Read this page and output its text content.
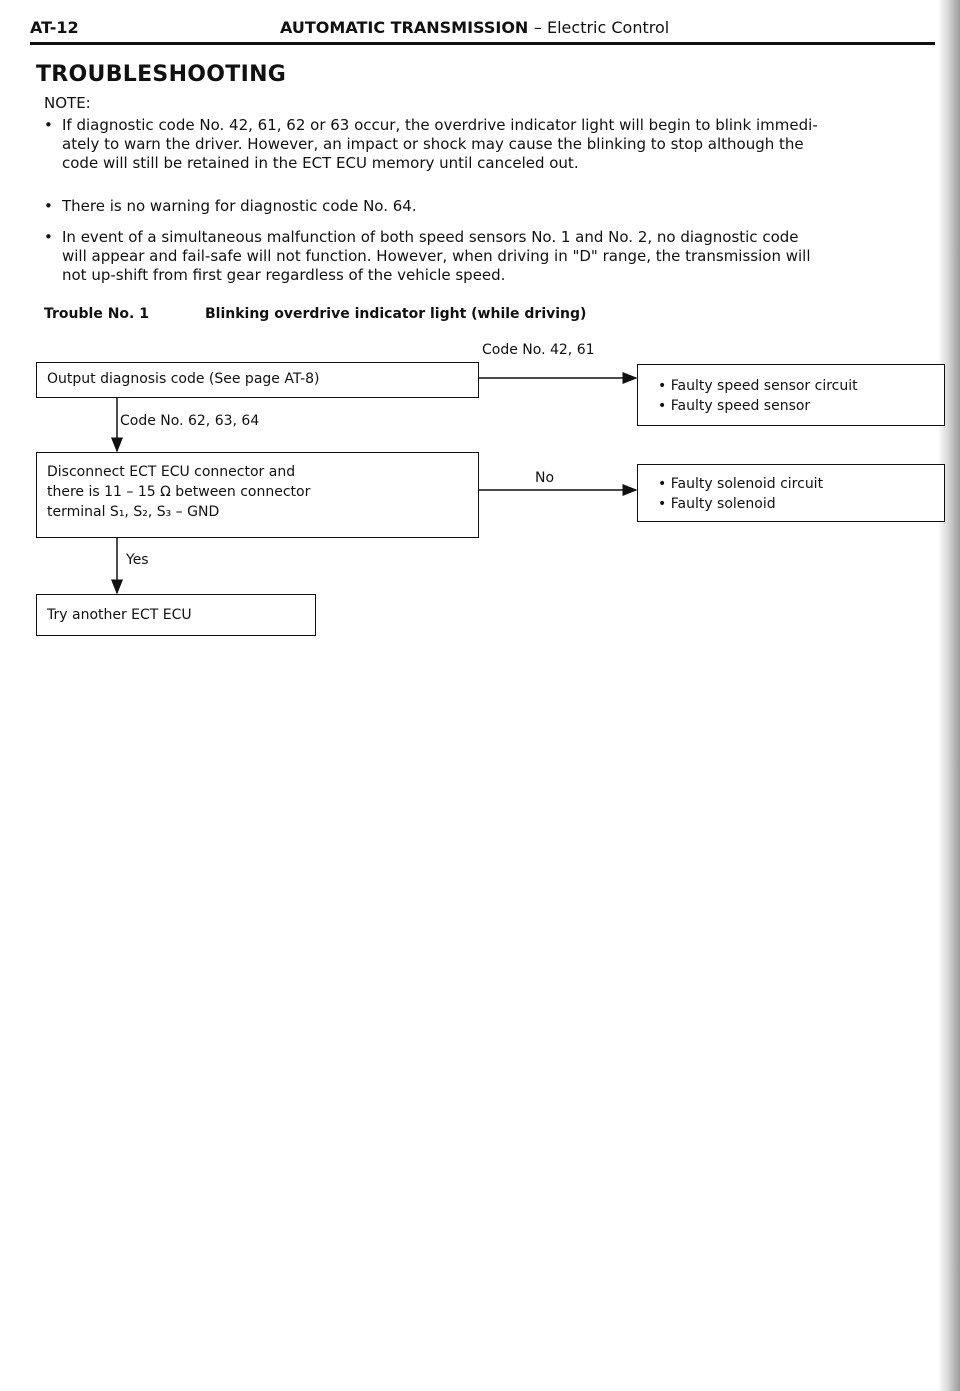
AT-12	AUTOMATIC TRANSMISSION – Electric Control
TROUBLESHOOTING
NOTE:
• If diagnostic code No. 42, 61, 62 or 63 occur, the overdrive indicator light will begin to blink immedi-
ately to warn the driver. However, an impact or shock may cause the blinking to stop although the
code will still be retained in the ECT ECU memory until canceled out.
• There is no warning for diagnostic code No. 64.
• In event of a simultaneous malfunction of both speed sensors No. 1 and No. 2, no diagnostic code
will appear and fail-safe will not function. However, when driving in "D" range, the transmission will
not up-shift from first gear regardless of the vehicle speed.
Trouble No. 1	Blinking overdrive indicator light (while driving)
Output diagnosis code (See page AT-8)
Code No. 42, 61
• Faulty speed sensor circuit
• Faulty speed sensor
Code No. 62, 63, 64
Disconnect ECT ECU connector and
there is 11 – 15 Ω between connector
terminal S₁, S₂, S₃ – GND
No	• Faulty solenoid circuit
• Faulty solenoid
Yes
Try another ECT ECU
